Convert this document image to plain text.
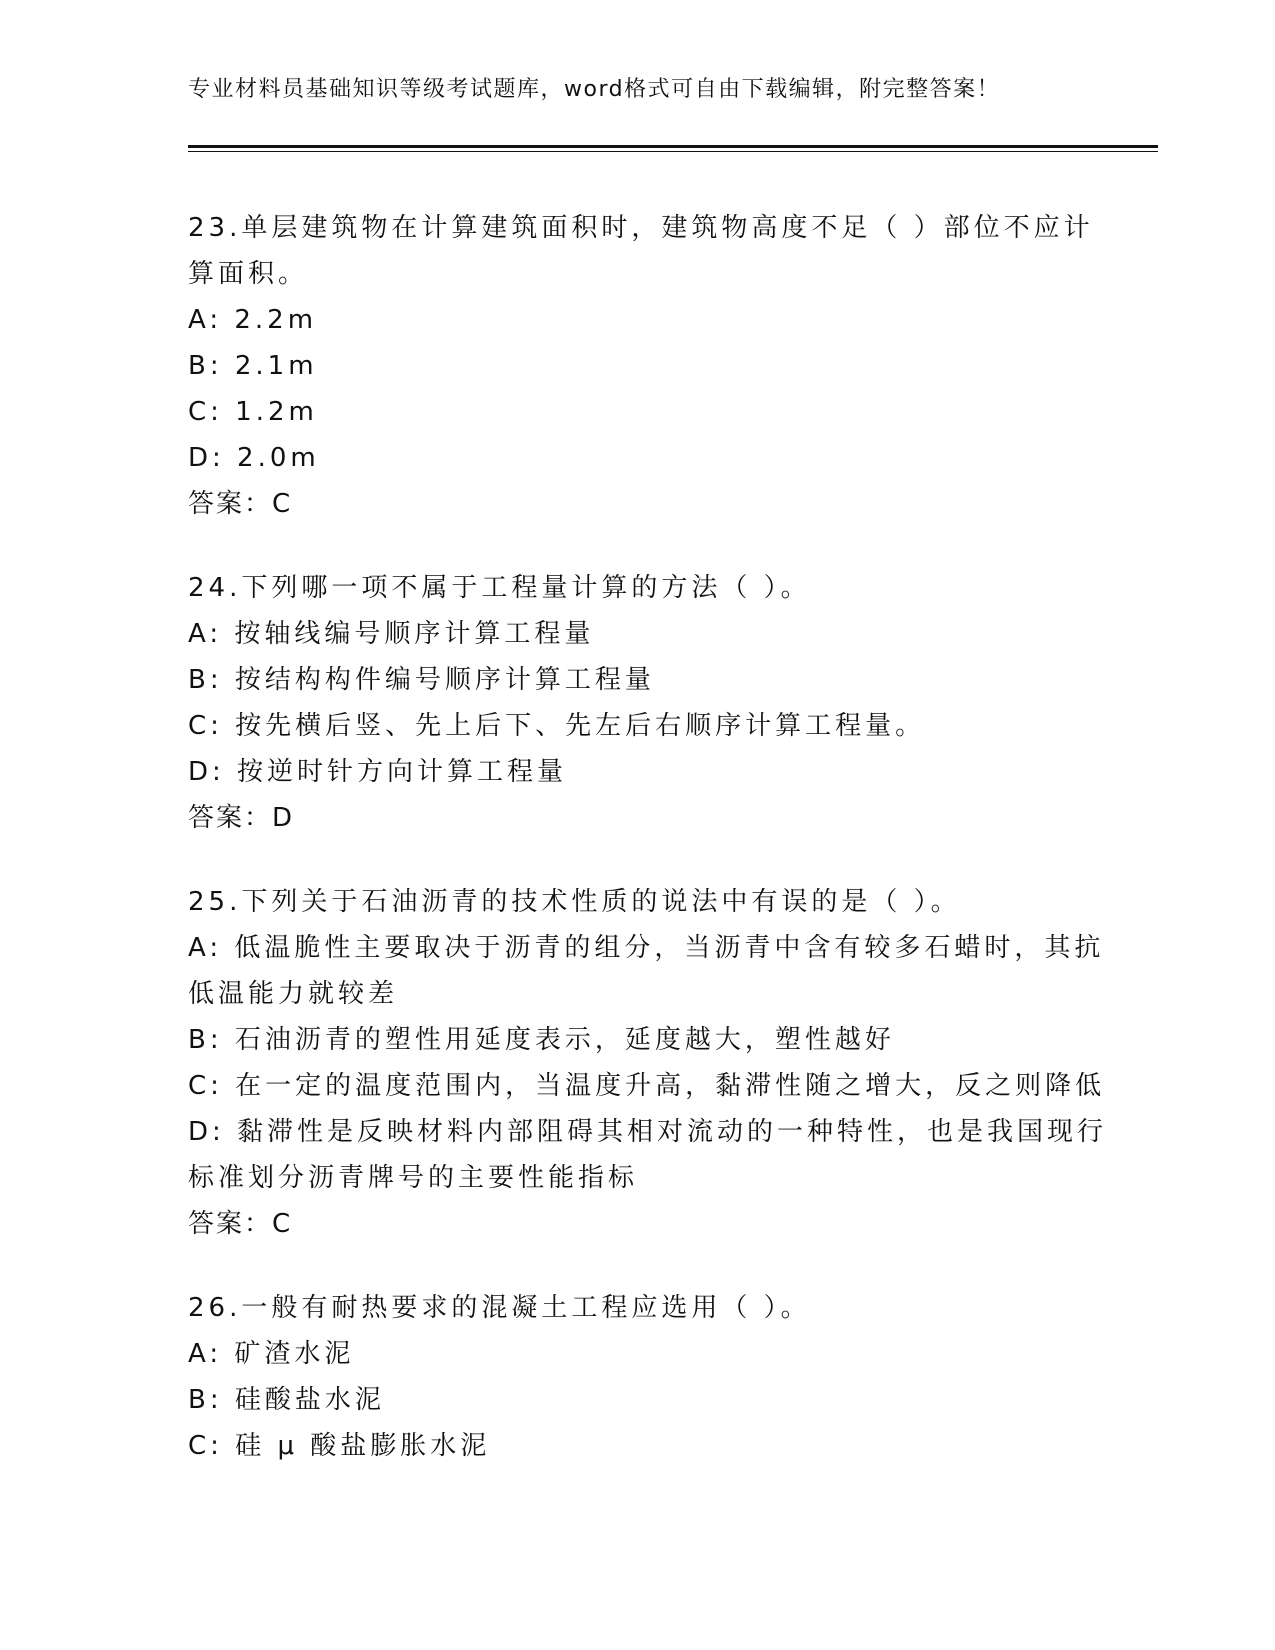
专业材料员基础知识等级考试题库，word格式可自由下载编辑，附完整答案！
23.单层建筑物在计算建筑面积时，建筑物高度不足（ ）部位不应计
算面积。
A: 2.2m
B: 2.1m
C: 1.2m
D: 2.0m
答案：C
24.下列哪一项不属于工程量计算的方法（ ）。
A: 按轴线编号顺序计算工程量
B: 按结构构件编号顺序计算工程量
C: 按先横后竖、先上后下、先左后右顺序计算工程量。
D: 按逆时针方向计算工程量
答案：D
25.下列关于石油沥青的技术性质的说法中有误的是（ ）。
A: 低温脆性主要取决于沥青的组分，当沥青中含有较多石蜡时，其抗
低温能力就较差
B: 石油沥青的塑性用延度表示，延度越大，塑性越好
C: 在一定的温度范围内，当温度升高，黏滞性随之增大，反之则降低
D: 黏滞性是反映材料内部阻碍其相对流动的一种特性，也是我国现行
标准划分沥青牌号的主要性能指标
答案：C
26.一般有耐热要求的混凝土工程应选用（ ）。
A: 矿渣水泥
B: 硅酸盐水泥
C: 硅 μ 酸盐膨胀水泥
